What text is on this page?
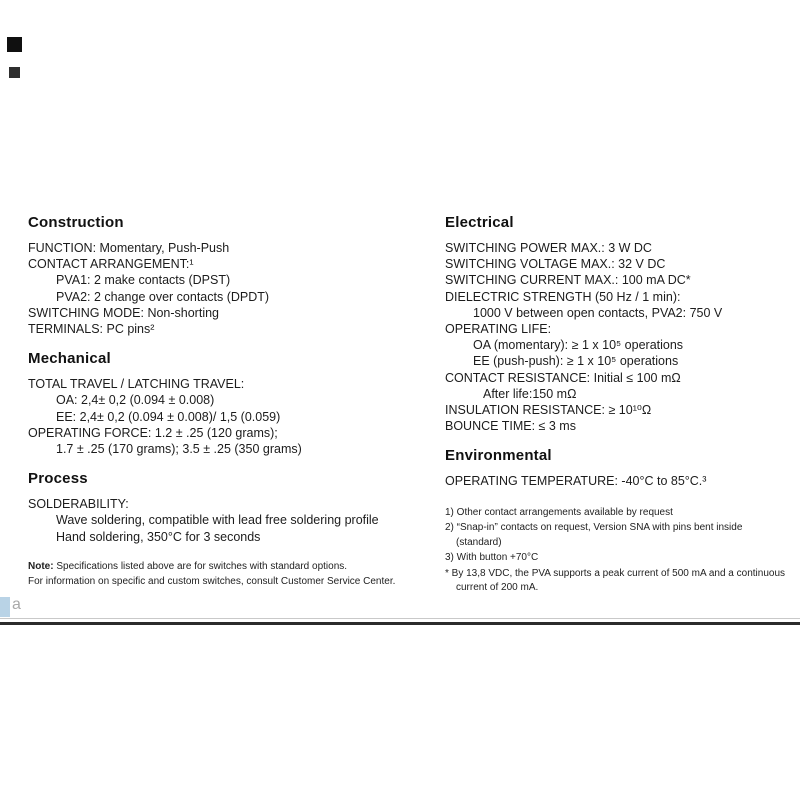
Construction
FUNCTION: Momentary, Push-Push
CONTACT ARRANGEMENT:¹
PVA1: 2 make contacts (DPST)
PVA2: 2 change over contacts (DPDT)
SWITCHING MODE: Non-shorting
TERMINALS: PC pins²
Mechanical
TOTAL TRAVEL / LATCHING TRAVEL:
OA: 2,4± 0,2 (0.094 ± 0.008)
EE: 2,4± 0,2 (0.094 ± 0.008)/ 1,5 (0.059)
OPERATING FORCE: 1.2 ± .25 (120 grams);
1.7 ± .25 (170 grams); 3.5 ± .25 (350 grams)
Process
SOLDERABILITY:
Wave soldering, compatible with lead free soldering profile
Hand soldering, 350°C for 3 seconds

Note: Specifications listed above are for switches with standard options.

For information on specific and custom switches, consult Customer Service Center.

Electrical
SWITCHING POWER MAX.: 3 W DC
SWITCHING VOLTAGE MAX.: 32 V DC
SWITCHING CURRENT MAX.: 100 mA DC*
DIELECTRIC STRENGTH (50 Hz / 1 min):
1000 V between open contacts, PVA2: 750 V
OPERATING LIFE:
OA (momentary): ≥ 1 x 10⁵ operations
EE (push-push): ≥ 1 x 10⁵ operations
CONTACT RESISTANCE: Initial ≤ 100 mΩ
After life:150 mΩ
INSULATION RESISTANCE: ≥ 10¹⁰Ω
BOUNCE TIME: ≤ 3 ms
Environmental
OPERATING TEMPERATURE: -40°C to 85°C.³

1) Other contact arrangements available by request

2) “Snap-in” contacts on request, Version SNA with pins bent inside (standard)

3) With button +70°C

* By 13,8 VDC, the PVA supports a peak current of 500 mA and a continuous current of 200 mA.

a
